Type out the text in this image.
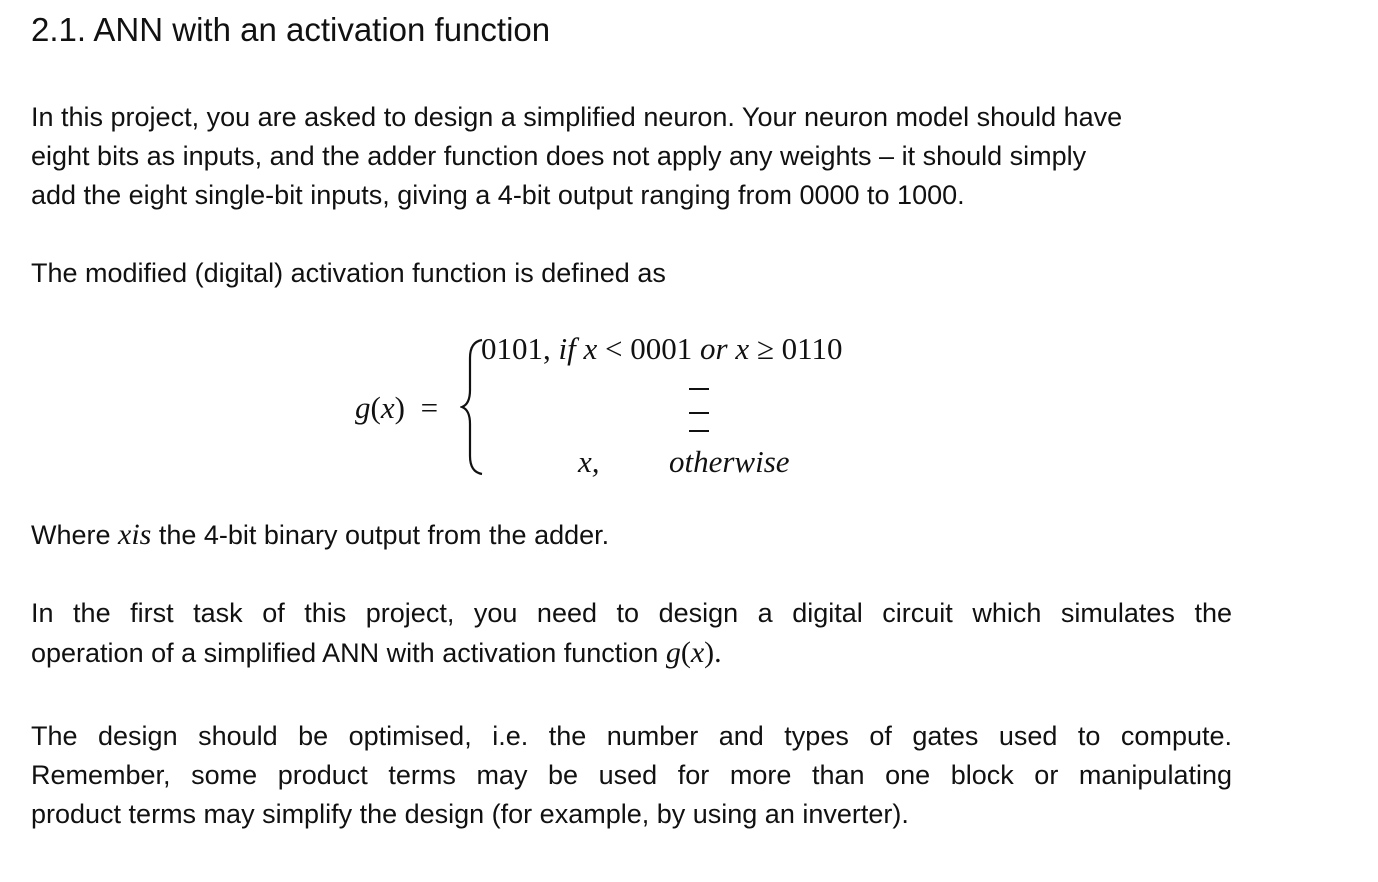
2.1. ANN with an activation function
In this project, you are asked to design a simplified neuron. Your neuron model should have
eight bits as inputs, and the adder function does not apply any weights – it should simply
add the eight single-bit inputs, giving a 4-bit output ranging from 0000 to 1000.
The modified (digital) activation function is defined as
g(x) =
0101, if x < 0001 or x ≥ 0110
x, otherwise
Where xis the 4-bit binary output from the adder.
In the first task of this project, you need to design a digital circuit which simulates the
operation of a simplified ANN with activation function g(x).
The design should be optimised, i.e. the number and types of gates used to compute.
Remember, some product terms may be used for more than one block or manipulating
product terms may simplify the design (for example, by using an inverter).
